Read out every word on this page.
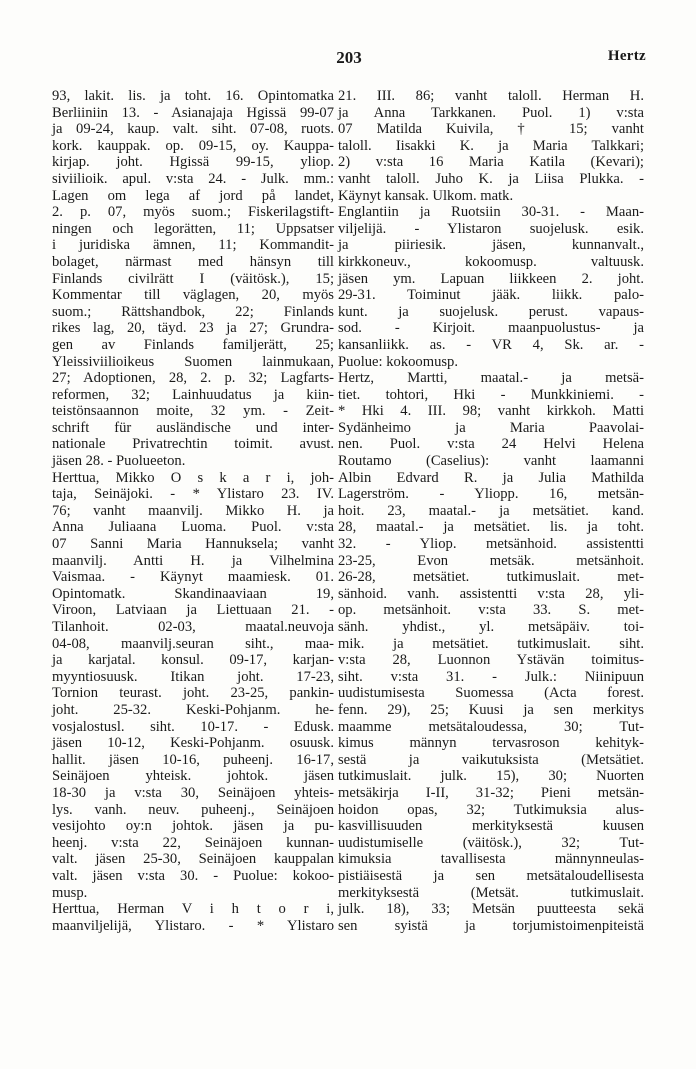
203	Hertz
93, lakit. lis. ja toht. 16. Opintomatka
Berliiniin 13. - Asianajaja Hgissä 99-07
ja 09-24, kaup. valt. siht. 07-08, ruots.
kork. kauppak. op. 09-15, oy. Kauppa-
kirjap. joht. Hgissä 99-15, yliop.
siviilioik. apul. v:sta 24. - Julk. mm.:
Lagen om lega af jord på landet,
2. p. 07, myös suom.; Fiskerilagstift-
ningen och legorätten, 11; Uppsatser
i juridiska ämnen, 11; Kommandit-
bolaget, närmast med hänsyn till
Finlands civilrätt I (väitösk.), 15;
Kommentar till väglagen, 20, myös
suom.; Rättshandbok, 22; Finlands
rikes lag, 20, täyd. 23 ja 27; Grundra-
gen av Finlands familjerätt, 25;
Yleissiviilioikeus Suomen lainmukaan,
27; Adoptionen, 28, 2. p. 32; Lagfarts-
reformen, 32; Lainhuudatus ja kiin-
teistönsaannon moite, 32 ym. - Zeit-
schrift für ausländische und inter-
nationale Privatrechtin toimit. avust.
jäsen 28. - Puolueeton.
Herttua, Mikko O s k a r i, joh-
taja, Seinäjoki. - * Ylistaro 23. IV.
76; vanht maanvilj. Mikko H. ja
Anna Juliaana Luoma. Puol. v:sta
07 Sanni Maria Hannuksela; vanht
maanvilj. Antti H. ja Vilhelmina
Vaismaa. - Käynyt maamiesk. 01.
Opintomatk. Skandinaaviaan 19,
Viroon, Latviaan ja Liettuaan 21. -
Tilanhoit. 02-03, maatal.neuvoja
04-08, maanvilj.seuran siht., maa-
ja karjatal. konsul. 09-17, karjan-
myyntiosuusk. Itikan joht. 17-23,
Tornion teurast. joht. 23-25, pankin-
joht. 25-32. Keski-Pohjanm. he-
vosjalostusl. siht. 10-17. - Edusk.
jäsen 10-12, Keski-Pohjanm. osuusk.
hallit. jäsen 10-16, puheenj. 16-17,
Seinäjoen yhteisk. johtok. jäsen
18-30 ja v:sta 30, Seinäjoen yhteis-
lys. vanh. neuv. puheenj., Seinäjoen
vesijohto oy:n johtok. jäsen ja pu-
heenj. v:sta 22, Seinäjoen kunnan-
valt. jäsen 25-30, Seinäjoen kauppalan
valt. jäsen v:sta 30. - Puolue: kokoo-
musp.
Herttua, Herman V i h t o r i,
maanviljelijä, Ylistaro. - * Ylistaro
21. III. 86; vanht taloll. Herman H.
ja Anna Tarkkanen. Puol. 1) v:sta
07 Matilda Kuivila, † 15; vanht
taloll. Iisakki K. ja Maria Talkkari;
2) v:sta 16 Maria Katila (Kevari);
vanht taloll. Juho K. ja Liisa Plukka. -
Käynyt kansak. Ulkom. matk.
Englantiin ja Ruotsiin 30-31. - Maan-
viljelijä. - Ylistaron suojelusk. esik.
ja piiriesik. jäsen, kunnanvalt.,
kirkkoneuv., kokoomusp. valtuusk.
jäsen ym. Lapuan liikkeen 2. joht.
29-31. Toiminut jääk. liikk. palo-
kunt. ja suojelusk. perust. vapaus-
sod. - Kirjoit. maanpuolustus- ja
kansanliikk. as. - VR 4, Sk. ar. -
Puolue: kokoomusp.
Hertz, Martti, maatal.- ja metsä-
tiet. tohtori, Hki - Munkkiniemi. -
* Hki 4. III. 98; vanht kirkkoh. Matti
Sydänheimo ja Maria Paavolai-
nen. Puol. v:sta 24 Helvi Helena
Routamo (Caselius): vanht laamanni
Albin Edvard R. ja Julia Mathilda
Lagerström. - Yliopp. 16, metsän-
hoit. 23, maatal.- ja metsätiet. kand.
28, maatal.- ja metsätiet. lis. ja toht.
32. - Yliop. metsänhoid. assistentti
23-25, Evon metsäk. metsänhoit.
26-28, metsätiet. tutkimuslait. met-
sänhoid. vanh. assistentti v:sta 28, yli-
op. metsänhoit. v:sta 33. S. met-
sänh. yhdist., yl. metsäpäiv. toi-
mik. ja metsätiet. tutkimuslait. siht.
v:sta 28, Luonnon Ystävän toimitus-
siht. v:sta 31. - Julk.: Niinipuun
uudistumisesta Suomessa (Acta forest.
fenn. 29), 25; Kuusi ja sen merkitys
maamme metsätaloudessa, 30; Tut-
kimus männyn tervasroson kehityk-
sestä ja vaikutuksista (Metsätiet.
tutkimuslait. julk. 15), 30; Nuorten
metsäkirja I-II, 31-32; Pieni metsän-
hoidon opas, 32; Tutkimuksia alus-
kasvillisuuden merkityksestä kuusen
uudistumiselle (väitösk.), 32; Tut-
kimuksia tavallisesta männynneulas-
pistiäisestä ja sen metsätaloudellisesta
merkityksestä (Metsät. tutkimuslait.
julk. 18), 33; Metsän puutteesta sekä
sen syistä ja torjumistoimenpiteistä
